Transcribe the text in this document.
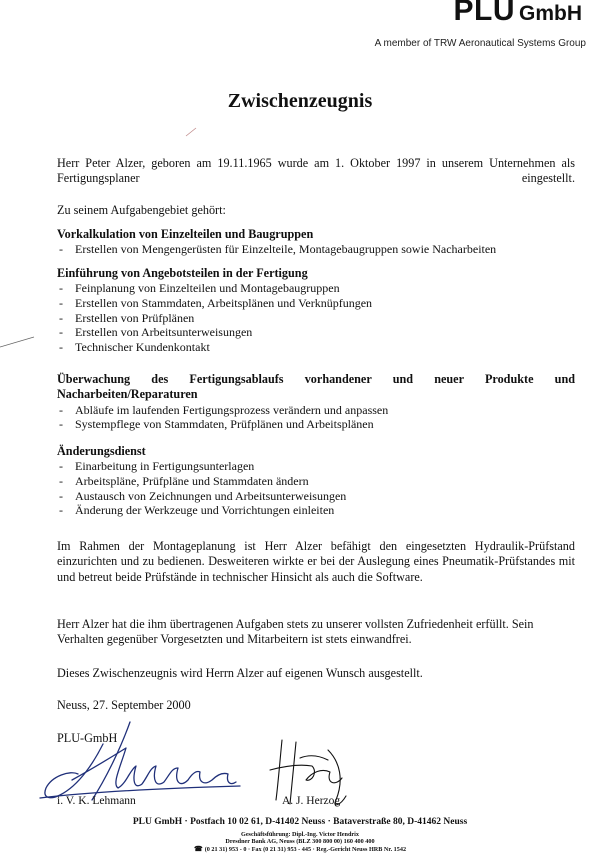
PLU GmbH
A member of TRW Aeronautical Systems Group
Zwischenzeugnis
Herr Peter Alzer, geboren am 19.11.1965 wurde am 1. Oktober 1997 in unserem Unternehmen als Fertigungsplaner eingestellt.
Zu seinem Aufgabengebiet gehört:
Vorkalkulation von Einzelteilen und Baugruppen
- Erstellen von Mengengerüsten für Einzelteile, Montagebaugruppen sowie Nacharbeiten
Einführung von Angebotsteilen in der Fertigung
- Feinplanung von Einzelteilen und Montagebaugruppen
- Erstellen von Stammdaten, Arbeitsplänen und Verknüpfungen
- Erstellen von Prüfplänen
- Erstellen von Arbeitsunterweisungen
- Technischer Kundenkontakt
Überwachung des Fertigungsablaufs vorhandener und neuer Produkte und
Nacharbeiten/Reparaturen
- Abläufe im laufenden Fertigungsprozess verändern und anpassen
- Systempflege von Stammdaten, Prüfplänen und Arbeitsplänen
Änderungsdienst
- Einarbeitung in Fertigungsunterlagen
- Arbeitspläne, Prüfpläne und Stammdaten ändern
- Austausch von Zeichnungen und Arbeitsunterweisungen
- Änderung der Werkzeuge und Vorrichtungen einleiten
Im Rahmen der Montageplanung ist Herr Alzer befähigt den eingesetzten Hydraulik-Prüfstand einzurichten und zu bedienen. Desweiteren wirkte er bei der Auslegung eines Pneumatik-Prüfstandes mit und betreut beide Prüfstände in technischer Hinsicht als auch die Software.
Herr Alzer hat die ihm übertragenen Aufgaben stets zu unserer vollsten Zufriedenheit erfüllt. Sein Verhalten gegenüber Vorgesetzten und Mitarbeitern ist stets einwandfrei.
Dieses Zwischenzeugnis wird Herrn Alzer auf eigenen Wunsch ausgestellt.
Neuss, 27. September 2000
PLU-GmbH
i. V. K. Lehmann	A. J. Herzog
PLU GmbH · Postfach 10 02 61, D-41402 Neuss · Bataverstraße 80, D-41462 Neuss
Geschäftsführung: Dipl.-Ing. Victor Hendrix
Dresdner Bank AG, Neuss (BLZ 300 800 00) 160 400 400
☎ (0 21 31) 953 - 0 · Fax (0 21 31) 953 - 445 · Reg.-Gericht Neuss HRB Nr. 1542
